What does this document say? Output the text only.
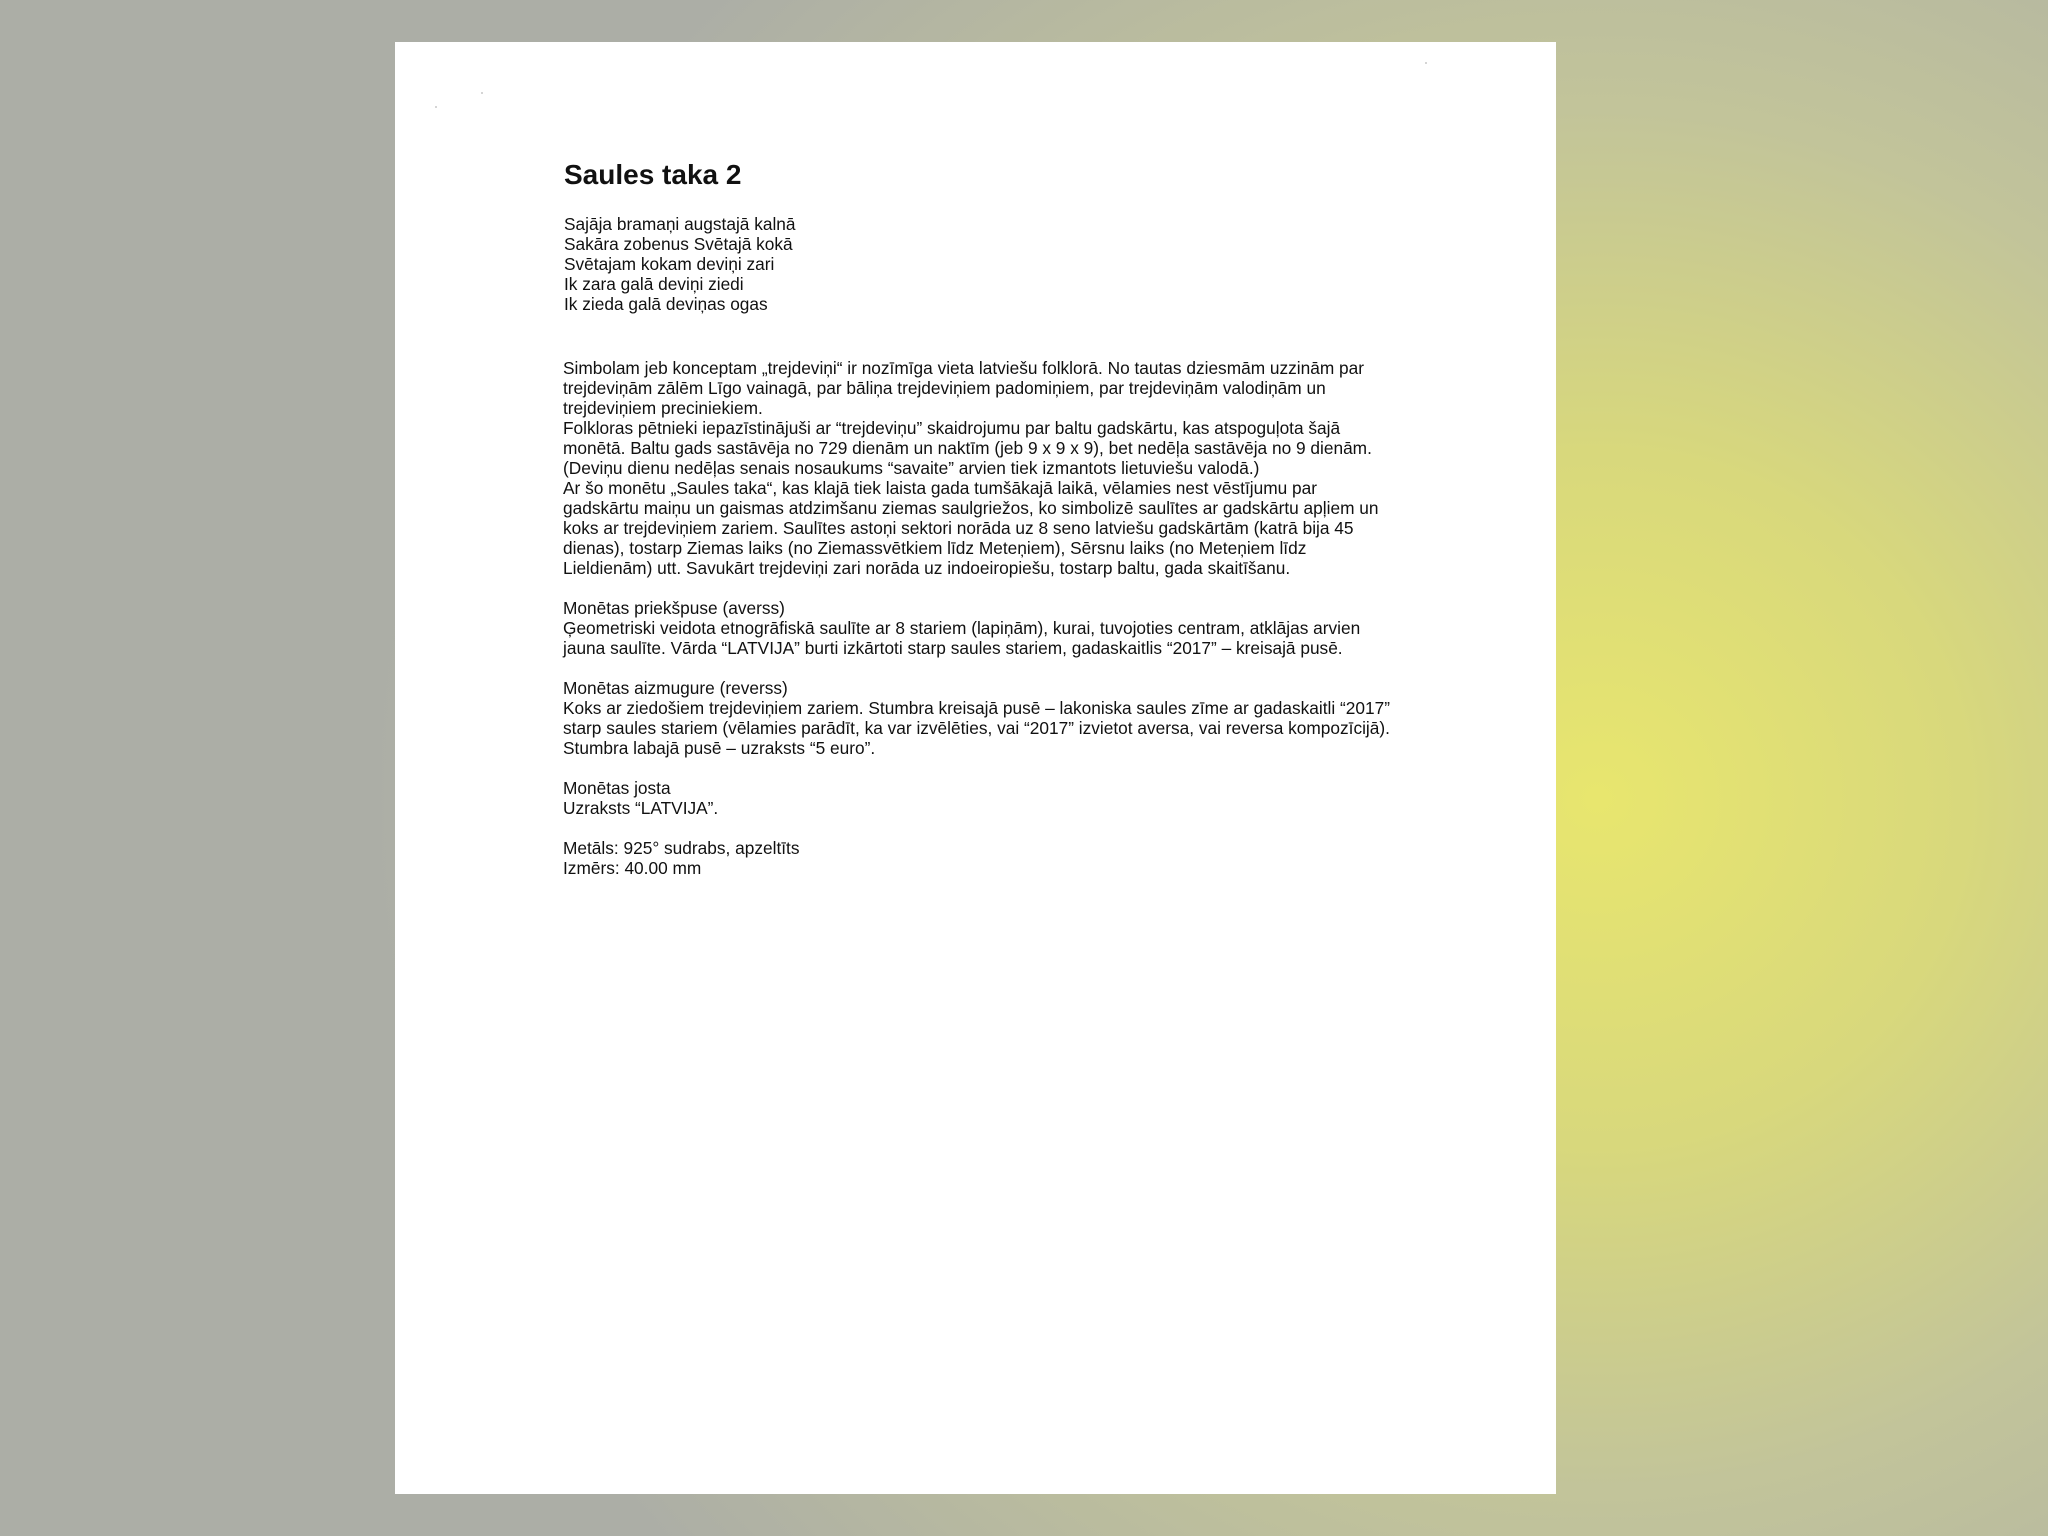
Saules taka 2
Sajāja bramaņi augstajā kalnā
Sakāra zobenus Svētajā kokā
Svētajam kokam deviņi zari
Ik zara galā deviņi ziedi
Ik zieda galā deviņas ogas

Simbolam jeb konceptam „trejdeviņi“ ir nozīmīga vieta latviešu folklorā. No tautas dziesmām uzzinām par trejdeviņām zālēm Līgo vainagā, par bāliņa trejdeviņiem padomiņiem, par trejdeviņām valodiņām un trejdeviņiem preciniekiem.

Folkloras pētnieki iepazīstinājuši ar “trejdeviņu” skaidrojumu par baltu gadskārtu, kas atspoguļota šajā monētā. Baltu gads sastāvēja no 729 dienām un naktīm (jeb 9 x 9 x 9), bet nedēļa sastāvēja no 9 dienām. (Deviņu dienu nedēļas senais nosaukums “savaite” arvien tiek izmantots lietuviešu valodā.)

Ar šo monētu „Saules taka“, kas klajā tiek laista gada tumšākajā laikā, vēlamies nest vēstījumu par gadskārtu maiņu un gaismas atdzimšanu ziemas saulgriežos, ko simbolizē saulītes ar gadskārtu apļiem un koks ar trejdeviņiem zariem. Saulītes astoņi sektori norāda uz 8 seno latviešu gadskārtām (katrā bija 45 dienas), tostarp Ziemas laiks (no Ziemassvētkiem līdz Meteņiem), Sērsnu laiks (no Meteņiem līdz Lieldienām) utt. Savukārt trejdeviņi zari norāda uz indoeiropiešu, tostarp baltu, gada skaitīšanu.

Monētas priekšpuse (averss)

Ģeometriski veidota etnogrāfiskā saulīte ar 8 stariem (lapiņām), kurai, tuvojoties centram, atklājas arvien jauna saulīte. Vārda “LATVIJA” burti izkārtoti starp saules stariem, gadaskaitlis “2017” – kreisajā pusē.

Monētas aizmugure (reverss)

Koks ar ziedošiem trejdeviņiem zariem. Stumbra kreisajā pusē – lakoniska saules zīme ar gadaskaitli “2017” starp saules stariem (vēlamies parādīt, ka var izvēlēties, vai “2017” izvietot aversa, vai reversa kompozīcijā). Stumbra labajā pusē – uzraksts “5 euro”.

Monētas josta

Uzraksts “LATVIJA”.

Metāls: 925° sudrabs, apzeltīts

Izmērs: 40.00 mm
